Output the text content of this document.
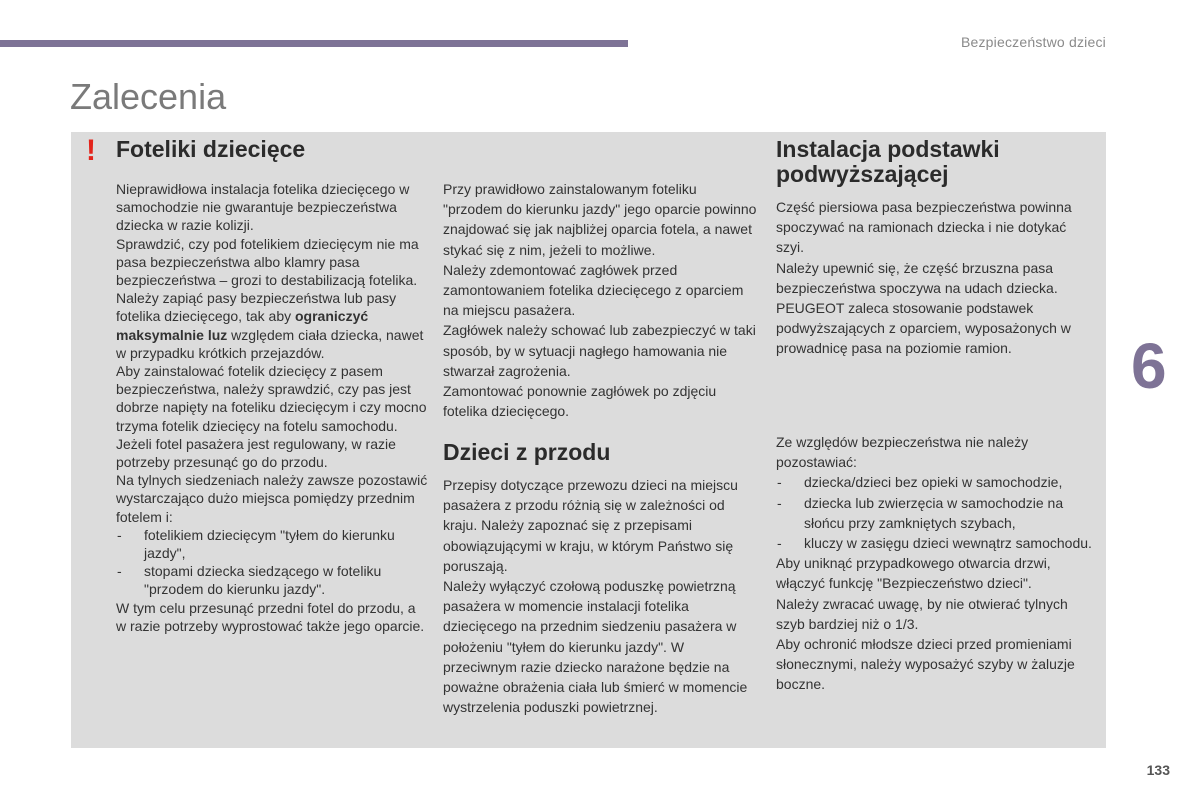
Bezpieczeństwo dzieci
Zalecenia
! Foteliki dziecięce

Nieprawidłowa instalacja fotelika dziecięcego w samochodzie nie gwarantuje bezpieczeństwa dziecka w razie kolizji.

Sprawdzić, czy pod fotelikiem dziecięcym nie ma pasa bezpieczeństwa albo klamry pasa bezpieczeństwa – grozi to destabilizacją fotelika.

Należy zapiąć pasy bezpieczeństwa lub pasy fotelika dziecięcego, tak aby ograniczyć maksymalnie luz względem ciała dziecka, nawet w przypadku krótkich przejazdów.

Aby zainstalować fotelik dziecięcy z pasem bezpieczeństwa, należy sprawdzić, czy pas jest dobrze napięty na foteliku dziecięcym i czy mocno trzyma fotelik dziecięcy na fotelu samochodu. Jeżeli fotel pasażera jest regulowany, w razie potrzeby przesunąć go do przodu.

Na tylnych siedzeniach należy zawsze pozostawić wystarczająco dużo miejsca pomiędzy przednim fotelem i:

- fotelikiem dziecięcym "tyłem do kierunku jazdy",
- stopami dziecka siedzącego w foteliku "przodem do kierunku jazdy".

W tym celu przesunąć przedni fotel do przodu, a w razie potrzeby wyprostować także jego oparcie.

Przy prawidłowo zainstalowanym foteliku "przodem do kierunku jazdy" jego oparcie powinno znajdować się jak najbliżej oparcia fotela, a nawet stykać się z nim, jeżeli to możliwe.

Należy zdemontować zagłówek przed zamontowaniem fotelika dziecięcego z oparciem na miejscu pasażera.

Zagłówek należy schować lub zabezpieczyć w taki sposób, by w sytuacji nagłego hamowania nie stwarzał zagrożenia.

Zamontować ponownie zagłówek po zdjęciu fotelika dziecięcego.

Dzieci z przodu

Przepisy dotyczące przewozu dzieci na miejscu pasażera z przodu różnią się w zależności od kraju. Należy zapoznać się z przepisami obowiązującymi w kraju, w którym Państwo się poruszają.

Należy wyłączyć czołową poduszkę powietrzną pasażera w momencie instalacji fotelika dziecięcego na przednim siedzeniu pasażera w położeniu "tyłem do kierunku jazdy". W przeciwnym razie dziecko narażone będzie na poważne obrażenia ciała lub śmierć w momencie wystrzelenia poduszki powietrznej.

Instalacja podstawki podwyższającej

Część piersiowa pasa bezpieczeństwa powinna spoczywać na ramionach dziecka i nie dotykać szyi.

Należy upewnić się, że część brzuszna pasa bezpieczeństwa spoczywa na udach dziecka.

PEUGEOT zaleca stosowanie podstawek podwyższających z oparciem, wyposażonych w prowadnicę pasa na poziomie ramion.

Ze względów bezpieczeństwa nie należy pozostawiać:

- dziecka/dzieci bez opieki w samochodzie,
- dziecka lub zwierzęcia w samochodzie na słońcu przy zamkniętych szybach,
- kluczy w zasięgu dzieci wewnątrz samochodu.

Aby uniknąć przypadkowego otwarcia drzwi, włączyć funkcję "Bezpieczeństwo dzieci".

Należy zwracać uwagę, by nie otwierać tylnych szyb bardziej niż o 1/3.

Aby ochronić młodsze dzieci przed promieniami słonecznymi, należy wyposażyć szyby w żaluzje boczne.

6
133
